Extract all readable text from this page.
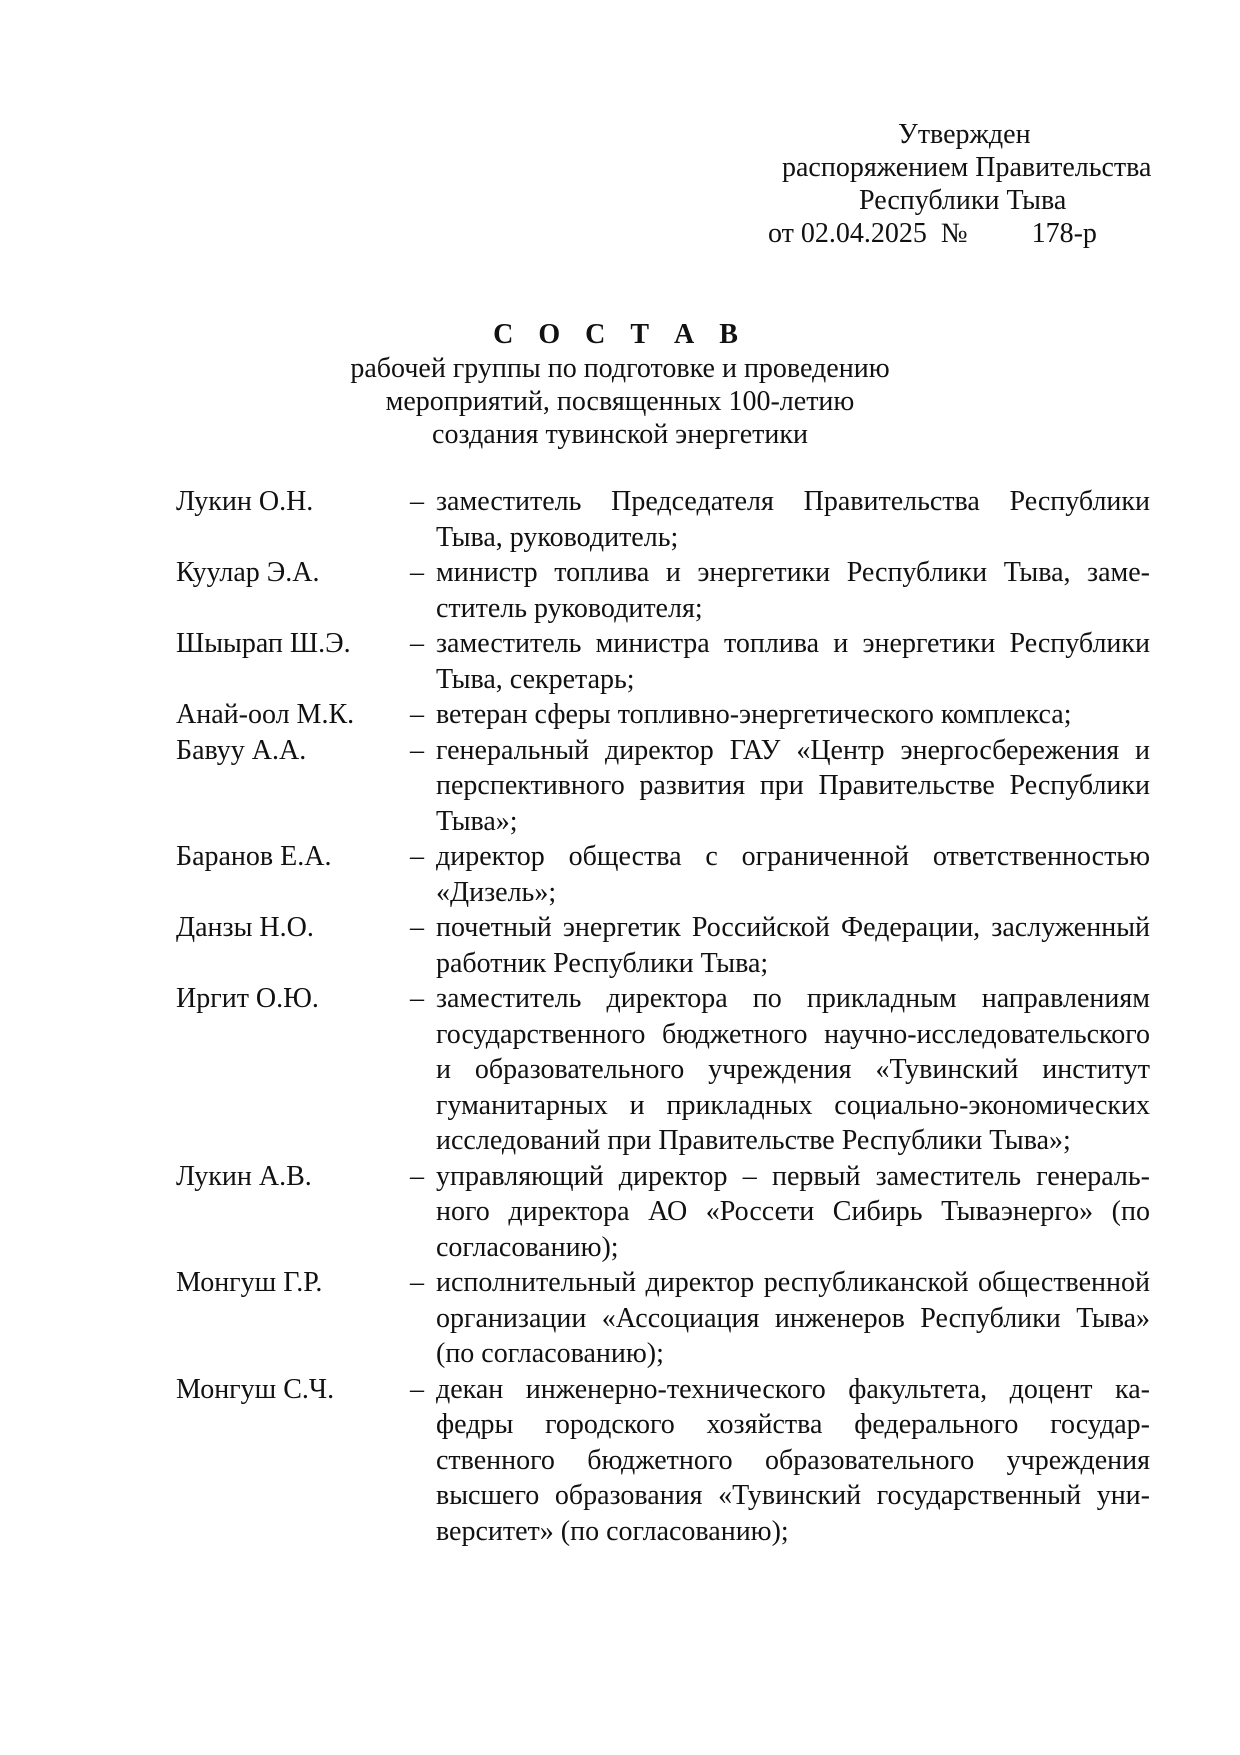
Утвержден
распоряжением Правительства
Республики Тыва
от 02.04.2025 № 178-р
С О С Т А В
рабочей группы по подготовке и проведению
мероприятий, посвященных 100-летию
создания тувинской энергетики
Лукин О.Н.	– заместитель Председателя Правительства Республики Тыва, руководитель;
Куулар Э.А.	– министр топлива и энергетики Республики Тыва, заместитель руководителя;
Шыырап Ш.Э.	– заместитель министра топлива и энергетики Республики Тыва, секретарь;
Анай-оол М.К.	– ветеран сферы топливно-энергетического комплекса;
Бавуу А.А.	– генеральный директор ГАУ «Центр энергосбережения и перспективного развития при Правительстве Республики Тыва»;
Баранов Е.А.	– директор общества с ограниченной ответственностью «Дизель»;
Данзы Н.О.	– почетный энергетик Российской Федерации, заслуженный работник Республики Тыва;
Иргит О.Ю.	– заместитель директора по прикладным направлениям государственного бюджетного научно-исследовательского и образовательного учреждения «Тувинский институт гуманитарных и прикладных социально-экономических исследований при Правительстве Республики Тыва»;
Лукин А.В.	– управляющий директор – первый заместитель генерального директора АО «Россети Сибирь Тываэнерго» (по согласованию);
Монгуш Г.Р.	– исполнительный директор республиканской общественной организации «Ассоциация инженеров Республики Тыва» (по согласованию);
Монгуш С.Ч.	– декан инженерно-технического факультета, доцент кафедры городского хозяйства федерального государственного бюджетного образовательного учреждения высшего образования «Тувинский государственный университет» (по согласованию);
